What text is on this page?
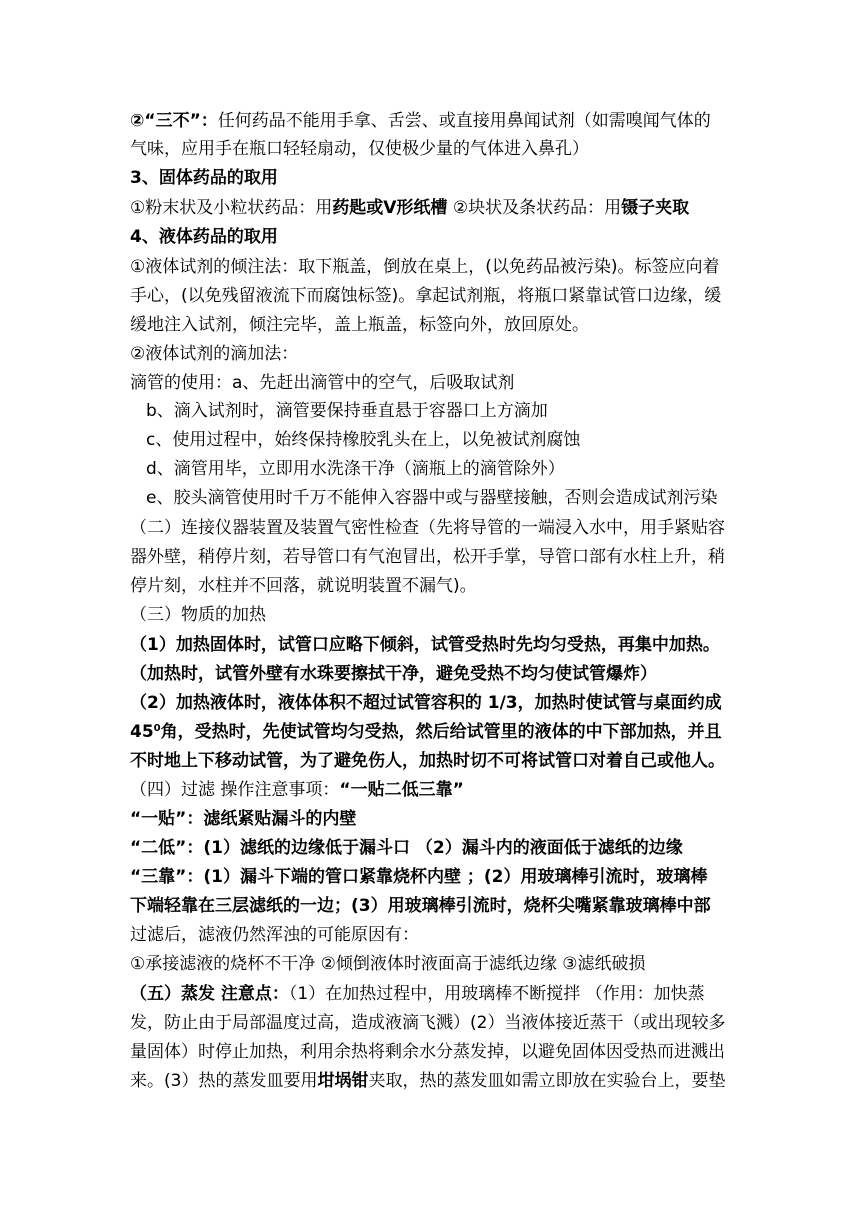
②“三不”：任何药品不能用手拿、舌尝、或直接用鼻闻试剂（如需嗅闻气体的
气味，应用手在瓶口轻轻扇动，仅使极少量的气体进入鼻孔）
3、固体药品的取用
①粉末状及小粒状药品：用药匙或Ⅴ形纸槽 ②块状及条状药品：用镊子夹取
4、液体药品的取用
①液体试剂的倾注法：取下瓶盖，倒放在桌上，(以免药品被污染)。标签应向着
手心，(以免残留液流下而腐蚀标签)。拿起试剂瓶，将瓶口紧靠试管口边缘，缓
缓地注入试剂，倾注完毕，盖上瓶盖，标签向外，放回原处。
②液体试剂的滴加法：
滴管的使用：a、先赶出滴管中的空气，后吸取试剂
b、滴入试剂时，滴管要保持垂直悬于容器口上方滴加
c、使用过程中，始终保持橡胶乳头在上，以免被试剂腐蚀
d、滴管用毕，立即用水洗涤干净（滴瓶上的滴管除外）
e、胶头滴管使用时千万不能伸入容器中或与器壁接触，否则会造成试剂污染
（二）连接仪器装置及装置气密性检查（先将导管的一端浸入水中，用手紧贴容
器外壁，稍停片刻，若导管口有气泡冒出，松开手掌，导管口部有水柱上升，稍
停片刻，水柱并不回落，就说明装置不漏气)。
（三）物质的加热
（1）加热固体时，试管口应略下倾斜，试管受热时先均匀受热，再集中加热。
（加热时，试管外壁有水珠要擦拭干净，避免受热不均匀使试管爆炸）
（2）加热液体时，液体体积不超过试管容积的 1/3，加热时使试管与桌面约成
$45^0$角，受热时，先使试管均匀受热，然后给试管里的液体的中下部加热，并且
不时地上下移动试管，为了避免伤人，加热时切不可将试管口对着自己或他人。
（四）过滤 操作注意事项：“一贴二低三靠”
“一贴”：滤纸紧贴漏斗的内壁
“二低”：(1）滤纸的边缘低于漏斗口 （2）漏斗内的液面低于滤纸的边缘
“三靠”：(1）漏斗下端的管口紧靠烧杯内壁 ；(2）用玻璃棒引流时，玻璃棒
下端轻靠在三层滤纸的一边；(3）用玻璃棒引流时，烧杯尖嘴紧靠玻璃棒中部
过滤后，滤液仍然浑浊的可能原因有：
①承接滤液的烧杯不干净 ②倾倒液体时液面高于滤纸边缘 ③滤纸破损
（五）蒸发 注意点：（1）在加热过程中，用玻璃棒不断搅拌 （作用：加快蒸
发，防止由于局部温度过高，造成液滴飞溅）(2）当液体接近蒸干（或出现较多
量固体）时停止加热，利用余热将剩余水分蒸发掉，以避免固体因受热而进溅出
来。(3）热的蒸发皿要用坩埚钳夹取，热的蒸发皿如需立即放在实验台上，要垫
